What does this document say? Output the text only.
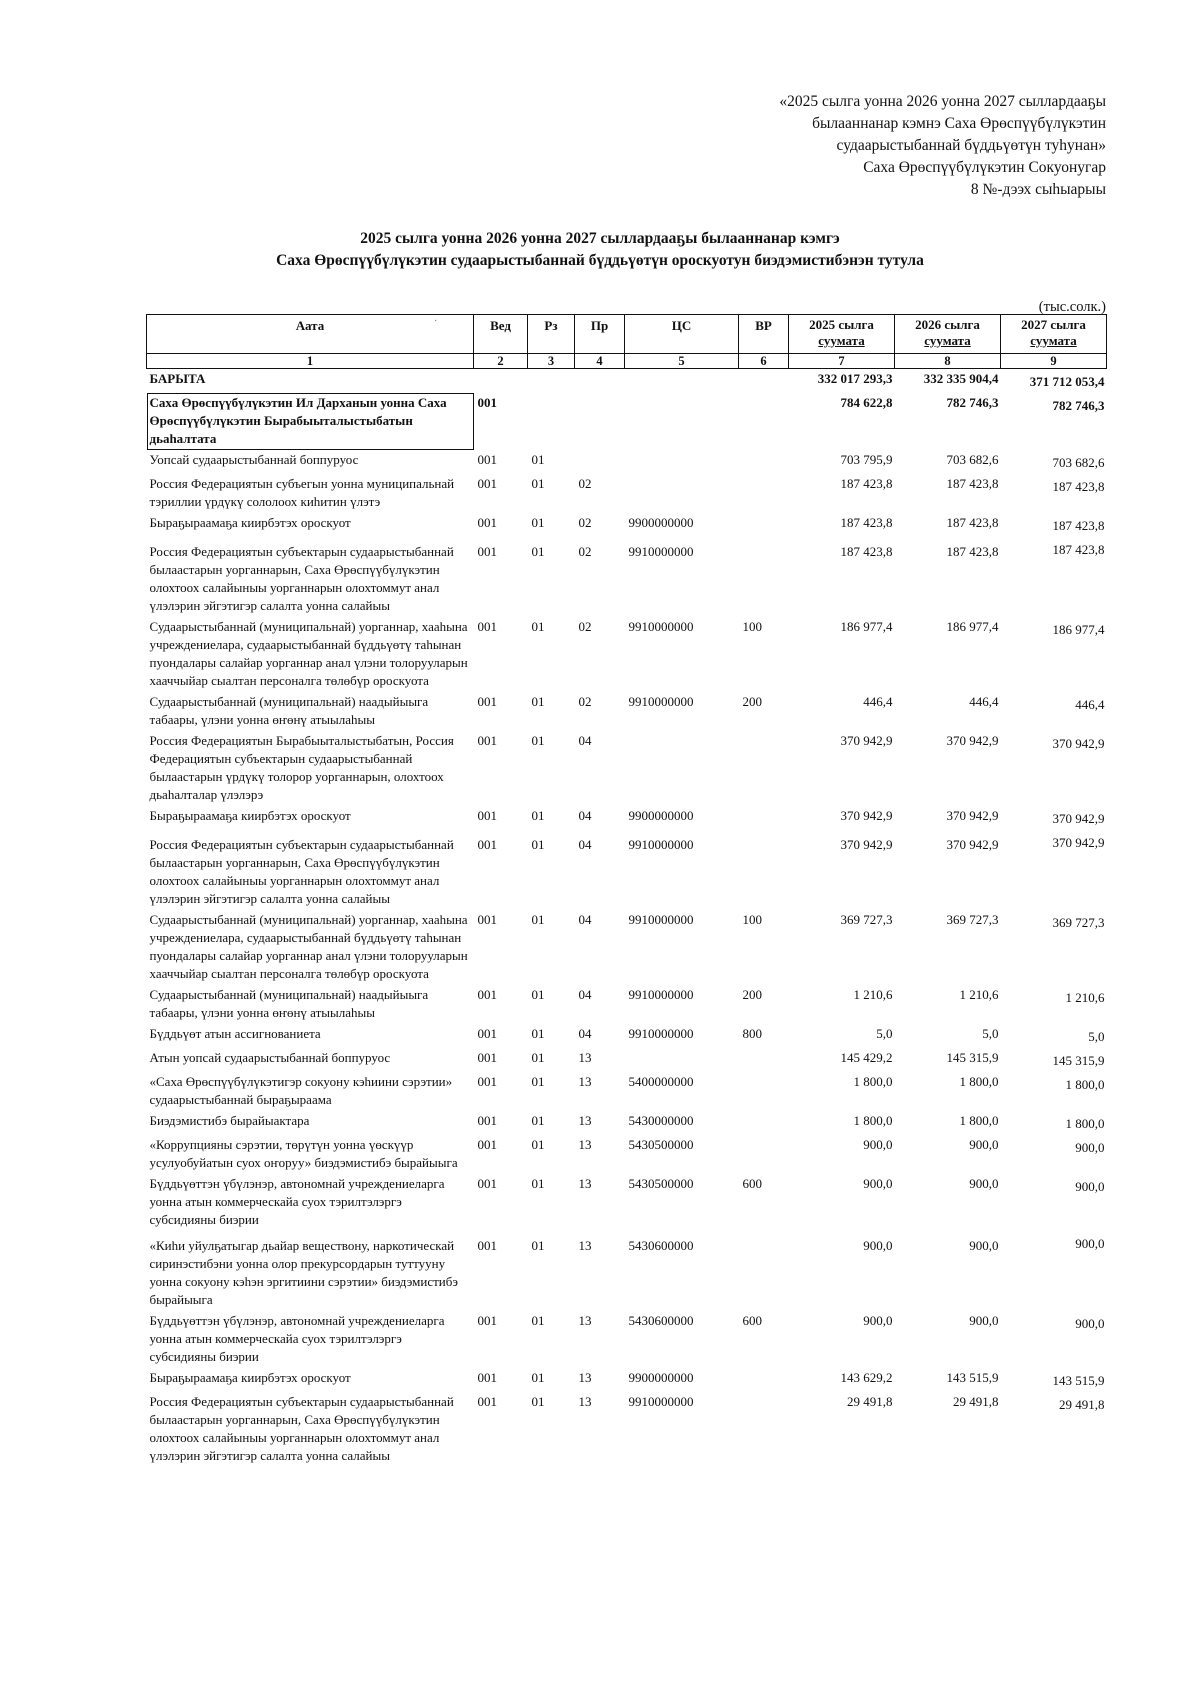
«2025 сылга уонна 2026 уонна 2027 сыллардааҕы
былааннанар кэмнэ Саха Өрөспүүбүлүкэтин
судаарыстыбаннай бүддьүөтүн туһунан»
Саха Өрөспүүбүлүкэтин Сокуонугар
8 №-дээх сыһыарыы
2025 сылга уонна 2026 уонна 2027 сыллардааҕы былааннанар кэмгэ
Саха Өрөспүүбүлүкэтин судаарыстыбаннай бүддьүөтүн ороскуотун биэдэмистибэнэн тутула
(тыс.солк.)
Аата	Вед	Рз	Пр	ЦС	ВР	2025 сылга
суумата	2026 сылга
суумата	2027 сылга
суумата

1	2	3	4	5	6	7	8	9
БАРЫТА						332 017 293,3	332 335 904,4	371 712 053,4
Саха Өрөспүүбүлүкэтин Ил Дарханын уонна Саха Өрөспүүбүлүкэтин Бырабыыталыстыбатын дьаһалтата	001					784 622,8	782 746,3	782 746,3
Уопсай судаарыстыбаннай боппуруос	001	01				703 795,9	703 682,6	703 682,6
Россия Федерациятын субъегын уонна муниципальнай тэриллии үрдүкү сололоох киһитин үлэтэ	001	01	02			187 423,8	187 423,8	187 423,8
Быраҕыраамаҕа киирбэтэх ороскуот	001	01	02	9900000000		187 423,8	187 423,8	187 423,8
Россия Федерациятын субъектарын судаарыстыбаннай былаастарын уорганнарын, Саха Өрөспүүбүлүкэтин олохтоох салайыныы уорганнарын олохтоммут анал үлэлэрин эйгэтигэр салалта уонна салайыы	001	01	02	9910000000		187 423,8	187 423,8	187 423,8
Судаарыстыбаннай (муниципальнай) уорганнар, хааһына учреждениелара, судаарыстыбаннай бүддьүөтү таһынан пуондалары салайар уорганнар анал үлэни толорууларын хааччыйар сыалтан персоналга төлөбүр ороскуота	001	01	02	9910000000	100	186 977,4	186 977,4	186 977,4
Судаарыстыбаннай (муниципальнай) наадыйыыга табаары, үлэни уонна өҥөнү атыылаһыы	001	01	02	9910000000	200	446,4	446,4	446,4
Россия Федерациятын Бырабыыталыстыбатын, Россия Федерациятын субъектарын судаарыстыбаннай былаастарын үрдүкү толорор уорганнарын, олохтоох дьаһалталар үлэлэрэ	001	01	04			370 942,9	370 942,9	370 942,9
Быраҕыраамаҕа киирбэтэх ороскуот	001	01	04	9900000000		370 942,9	370 942,9	370 942,9
Россия Федерациятын субъектарын судаарыстыбаннай былаастарын уорганнарын, Саха Өрөспүүбүлүкэтин олохтоох салайыныы уорганнарын олохтоммут анал үлэлэрин эйгэтигэр салалта уонна салайыы	001	01	04	9910000000		370 942,9	370 942,9	370 942,9
Судаарыстыбаннай (муниципальнай) уорганнар, хааһына учреждениелара, судаарыстыбаннай бүддьүөтү таһынан пуондалары салайар уорганнар анал үлэни толорууларын хааччыйар сыалтан персоналга төлөбүр ороскуота	001	01	04	9910000000	100	369 727,3	369 727,3	369 727,3
Судаарыстыбаннай (муниципальнай) наадыйыыга табаары, үлэни уонна өҥөнү атыылаһыы	001	01	04	9910000000	200	1 210,6	1 210,6	1 210,6
Бүддьүөт атын ассигнованиета	001	01	04	9910000000	800	5,0	5,0	5,0
Атын уопсай судаарыстыбаннай боппуруос	001	01	13			145 429,2	145 315,9	145 315,9
«Саха Өрөспүүбүлүкэтигэр сокуону кэһиини сэрэтии» судаарыстыбаннай быраҕыраама	001	01	13	5400000000		1 800,0	1 800,0	1 800,0
Биэдэмистибэ бырайыактара	001	01	13	5430000000		1 800,0	1 800,0	1 800,0
«Коррупцияны сэрэтии, төрүтүн уонна үөскүүр усулуобуйатын суох оҥоруу» биэдэмистибэ бырайыыга	001	01	13	5430500000		900,0	900,0	900,0
Бүддьүөттэн үбүлэнэр, автономнай учреждениеларга уонна атын коммерческайа суох тэрилтэлэргэ субсидияны биэрии	001	01	13	5430500000	600	900,0	900,0	900,0
«Киһи уйулҕатыгар дьайар веществону, наркотическай сиринэстибэни уонна олор прекурсордарын туттууну уонна сокуону кэһэн эргитиини сэрэтии» биэдэмистибэ бырайыыга	001	01	13	5430600000		900,0	900,0	900,0
Бүддьүөттэн үбүлэнэр, автономнай учреждениеларга уонна атын коммерческайа суох тэрилтэлэргэ субсидияны биэрии	001	01	13	5430600000	600	900,0	900,0	900,0
Быраҕыраамаҕа киирбэтэх ороскуот	001	01	13	9900000000		143 629,2	143 515,9	143 515,9
Россия Федерациятын субъектарын судаарыстыбаннай былаастарын уорганнарын, Саха Өрөспүүбүлүкэтин олохтоох салайыныы уорганнарын олохтоммут анал үлэлэрин эйгэтигэр салалта уонна салайыы	001	01	13	9910000000		29 491,8	29 491,8	29 491,8
·
